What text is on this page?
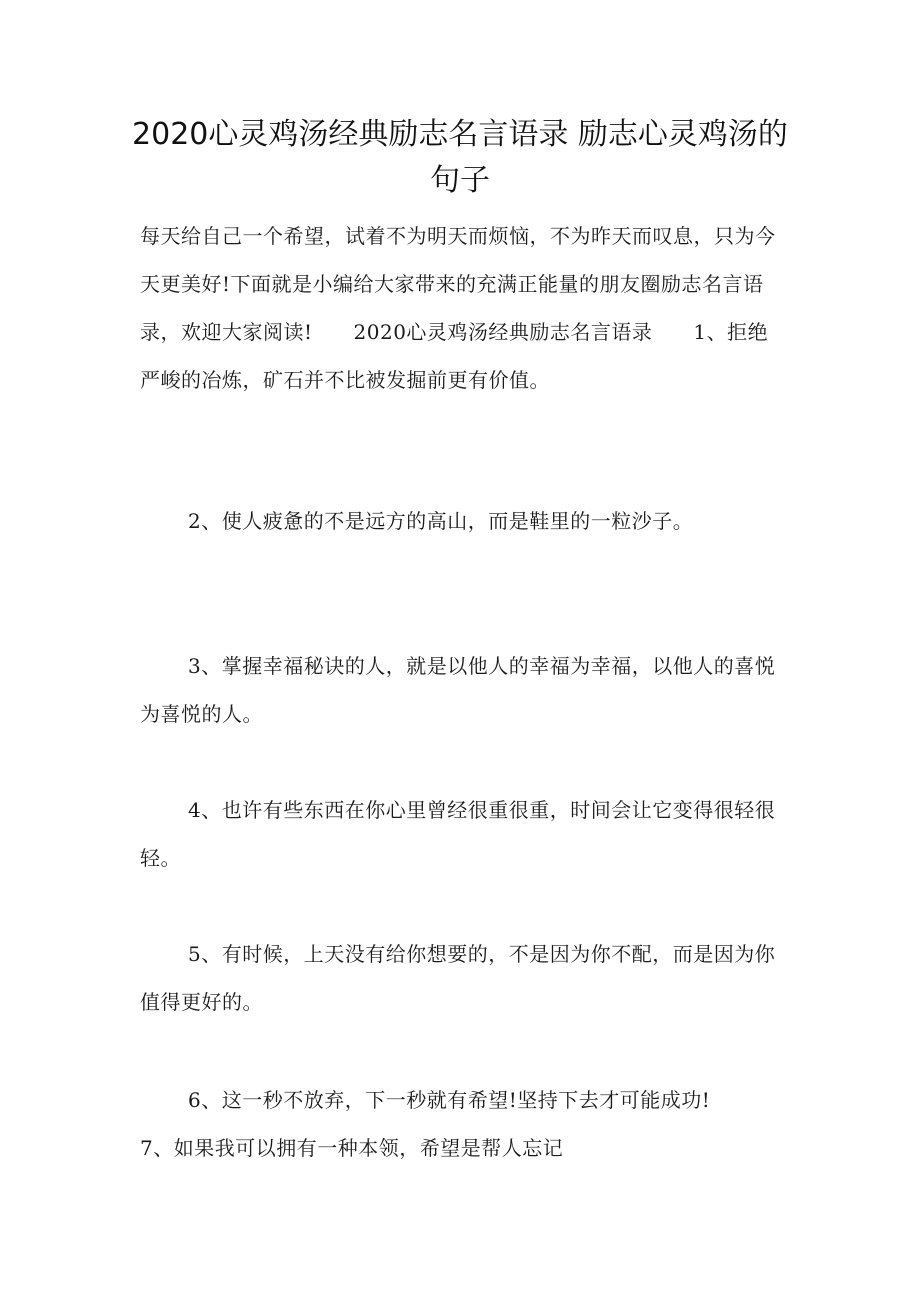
2020心灵鸡汤经典励志名言语录 励志心灵鸡汤的句子

每天给自己一个希望，试着不为明天而烦恼，不为昨天而叹息，只为今天更美好!下面就是小编给大家带来的充满正能量的朋友圈励志名言语录，欢迎大家阅读!　　2020心灵鸡汤经典励志名言语录　　1、拒绝严峻的冶炼，矿石并不比被发掘前更有价值。

2、使人疲惫的不是远方的高山，而是鞋里的一粒沙子。

3、掌握幸福秘诀的人，就是以他人的幸福为幸福，以他人的喜悦为喜悦的人。

4、也许有些东西在你心里曾经很重很重，时间会让它变得很轻很轻。

5、有时候，上天没有给你想要的，不是因为你不配，而是因为你值得更好的。

6、这一秒不放弃，下一秒就有希望!坚持下去才可能成功!　　7、如果我可以拥有一种本领，希望是帮人忘记
